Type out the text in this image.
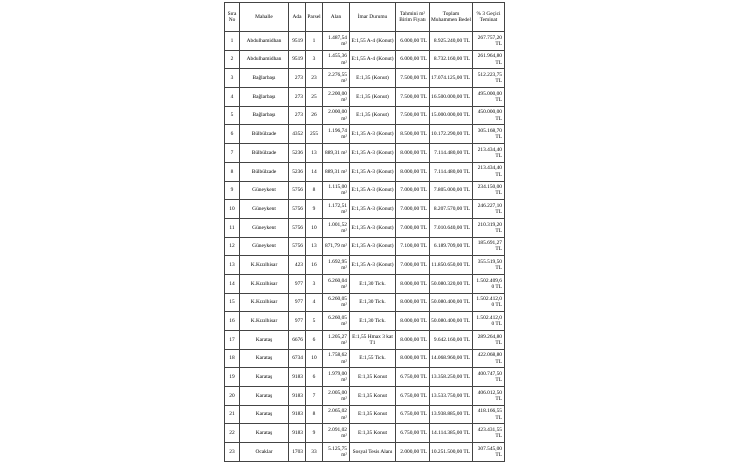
Sıra No	Mahalle	Ada	Parsel	Alan	İmar Durumu	Tahmini m² Birim Fiyatı	Toplam Muhammen Bedel	% 3 Geçici Teminat
1	Abdulhamidhan	9519	1	1.487,54 m²	E:1,55 A-4 (Konut)	6.000,00 TL	8.925.240,00 TL	267.757,20 TL
2	Abdulhamidhan	9519	3	1.455,36 m²	E:1,55 A-4 (Konut)	6.000,00 TL	8.732.160,00 TL	261.964,80 TL
3	Bağlarbaşı	273	23	2.276,55 m²	E:1,35 (Konut)	7.500,00 TL	17.074.125,00 TL	512.223,75 TL
4	Bağlarbaşı	273	25	2.200,00 m²	E:1,35 (Konut)	7.500,00 TL	16.500.000,00 TL	495.000,00 TL
5	Bağlarbaşı	273	26	2.000,00 m²	E:1,35 (Konut)	7.500,00 TL	15.000.000,00 TL	450.000,00 TL
6	Bülbülzade	4352	255	1.196,74 m²	E:1,35 A-3 (Konut)	8.500,00 TL	10.172.290,00 TL	305.168,70 TL
7	Bülbülzade	5236	13	889,31 m²	E:1,35 A-3 (Konut)	8.000,00 TL	7.114.480,00 TL	213.434,40 TL
8	Bülbülzade	5236	14	889,31 m²	E:1,35 A-3 (Konut)	8.000,00 TL	7.114.480,00 TL	213.434,40 TL
9	Güneykent	5756	8	1.115,00 m²	E:1,35 A-3 (Konut)	7.000,00 TL	7.805.000,00 TL	234.150,00 TL
10	Güneykent	5756	9	1.172,51 m²	E:1,35 A-3 (Konut)	7.000,00 TL	8.207.570,00 TL	246.227,10 TL
11	Güneykent	5756	10	1.001,52 m²	E:1,35 A-3 (Konut)	7.000,00 TL	7.010.640,00 TL	210.319,20 TL
12	Güneykent	5756	13	871,79 m²	E:1,35 A-3 (Konut)	7.100,00 TL	6.189.709,00 TL	185.691,27 TL
13	K.Kızılhisar	423	16	1.692,95 m²	E:1,35 A-3 (Konut)	7.000,00 TL	11.850.650,00 TL	355.519,50 TL
14	K.Kızılhisar	977	3	6.260,04 m²	E:1,30 Tick.	8.000,00 TL	50.080.320,00 TL	1.502.409,60 TL
15	K.Kızılhisar	977	4	6.260,05 m²	E:1,30 Tick.	8.000,00 TL	50.080.400,00 TL	1.502.412,00 TL
16	K.Kızılhisar	977	5	6.260,05 m²	E:1,30 Tick.	8.000,00 TL	50.080.400,00 TL	1.502.412,00 TL
17	Karataş	6676	6	1.205,27 m²	E:1,55 Hmax 3 kat T1	8.000,00 TL	9.642.160,00 TL	289.264,80 TL
18	Karataş	6734	10	1.758,62 m²	E:1,55 Tick.	8.000,00 TL	14.068.960,00 TL	422.068,80 TL
19	Karataş	9183	6	1.979,00 m²	E:1,35 Konut	6.750,00 TL	13.358.250,00 TL	400.747,50 TL
20	Karataş	9183	7	2.005,00 m²	E:1,35 Konut	6.750,00 TL	13.533.750,00 TL	406.012,50 TL
21	Karataş	9183	8	2.065,02 m²	E:1,35 Konut	6.750,00 TL	13.938.885,00 TL	418.166,55 TL
22	Karataş	9183	9	2.091,02 m²	E:1,35 Konut	6.750,00 TL	14.114.385,00 TL	423.431,55 TL
23	Ocaklar	1703	33	5.125,75 m²	Sosyal Tesis Alanı	2.000,00 TL	10.251.500,00 TL	307.545,00 TL
